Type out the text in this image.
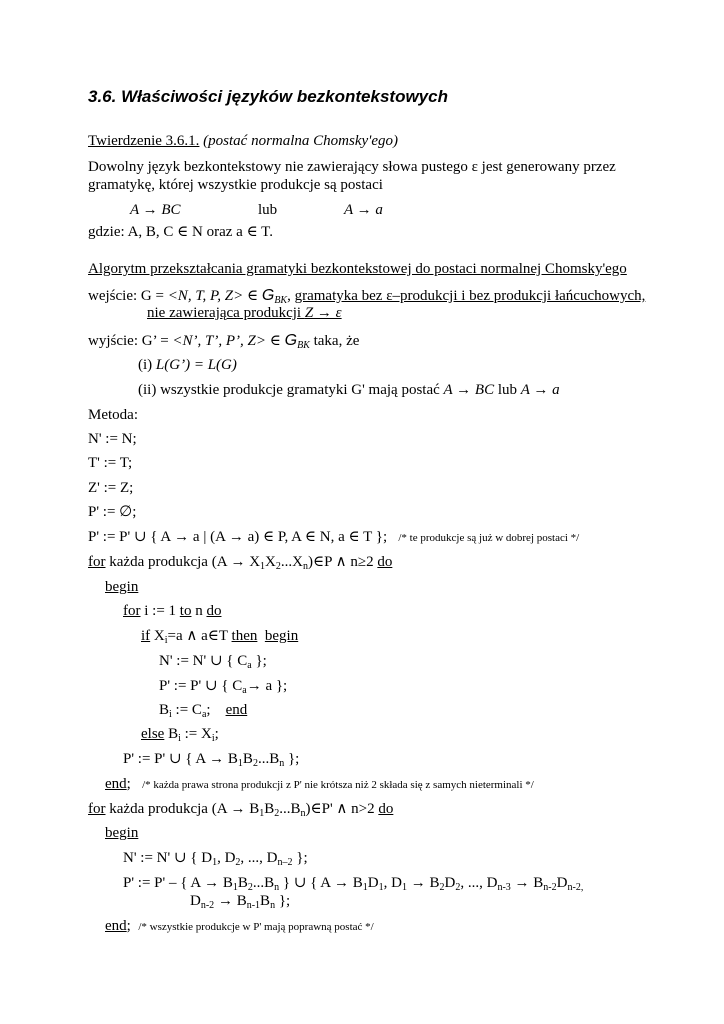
3.6. Właściwości języków bezkontekstowych
Twierdzenie 3.6.1. (postać normalna Chomsky'ego)
Dowolny język bezkontekstowy nie zawierający słowa pustego ε jest generowany przez
gramatykę, której wszystkie produkcje są postaci
A → BC	lub	A → a
gdzie: A, B, C ∈ N oraz a ∈ T.
Algorytm przekształcania gramatyki bezkontekstowej do postaci normalnej Chomsky'ego
wejście: G = <N, T, P, Z> ∈ $G_{BK}$, gramatyka bez ε–produkcji i bez produkcji łańcuchowych,
nie zawierająca produkcji Z → ε
wyjście: G’ = <N’, T’, P’, Z> ∈ $G_{BK}$ taka, że
(i) L(G’) = L(G)
(ii) wszystkie produkcje gramatyki G' mają postać A → BC lub A → a
Metoda:
N' := N;
T' := T;
Z' := Z;
P' := ∅;
P' := P' ∪ { A → a | (A → a) ∈ P, A ∈ N, a ∈ T }; /* te produkcje są już w dobrej postaci */
for każda produkcja $(A \to X_1X_2...X_n)\in P$ ∧ n≥2 do
begin
for i := 1 to n do
if $X_i=a$ ∧ a∈T then begin
N' := N' ∪ { $C_a$ };
P' := P' ∪ { $C_a\to a$ };
$B_i$ := $C_a$; end
else $B_i$ := $X_i$;
P' := P' ∪ { $A \to B_1B_2...B_n$ };
end;   /* każda prawa strona produkcji z P' nie krótsza niż 2 składa się z samych nieterminali */
for każda produkcja $(A \to B_1B_2...B_n)\in P'$ ∧ n>2 do
begin
N' := N' ∪ { $D_1$, $D_2$, ..., $D_{n-2}$ };
P' := P' – { $A \to B_1B_2...B_n$ } ∪ { $A \to B_1D_1$, $D_1 \to B_2D_2$, ..., $D_{n-3} \to B_{n-2}D_{n-2,}$
$D_{n-2} \to B_{n-1}B_n$ };
end;  /* wszystkie produkcje w P' mają poprawną postać */
